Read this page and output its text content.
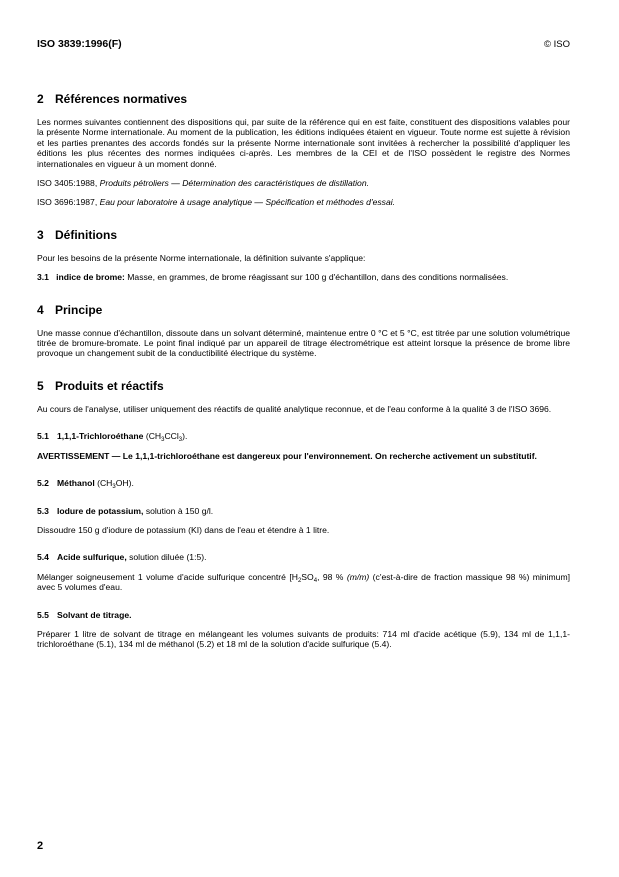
ISO 3839:1996(F)	© ISO
2 Références normatives

Les normes suivantes contiennent des dispositions qui, par suite de la référence qui en est faite, constituent des dispositions valables pour la présente Norme internationale. Au moment de la publication, les éditions indiquées étaient en vigueur. Toute norme est sujette à révision et les parties prenantes des accords fondés sur la présente Norme internationale sont invitées à rechercher la possibilité d'appliquer les éditions les plus récentes des normes indiquées ci-après. Les membres de la CEI et de l'ISO possèdent le registre des Normes internationales en vigueur à un moment donné.

ISO 3405:1988, Produits pétroliers — Détermination des caractéristiques de distillation.

ISO 3696:1987, Eau pour laboratoire à usage analytique — Spécification et méthodes d'essai.

3 Définitions

Pour les besoins de la présente Norme internationale, la définition suivante s'applique:

3.1 indice de brome: Masse, en grammes, de brome réagissant sur 100 g d'échantillon, dans des conditions normalisées.

4 Principe

Une masse connue d'échantillon, dissoute dans un solvant déterminé, maintenue entre 0 °C et 5 °C, est titrée par une solution volumétrique titrée de bromure-bromate. Le point final indiqué par un appareil de titrage électrométrique est atteint lorsque la présence de brome libre provoque un changement subit de la conductibilité électrique du système.

5 Produits et réactifs

Au cours de l'analyse, utiliser uniquement des réactifs de qualité analytique reconnue, et de l'eau conforme à la qualité 3 de l'ISO 3696.

5.1 1,1,1-Trichloroéthane $(CH_3CCl_3)$.
AVERTISSEMENT — Le 1,1,1-trichloroéthane est dangereux pour l'environnement. On recherche activement un substitutif.
5.2 Méthanol $(CH_3OH)$.
5.3 Iodure de potassium, solution à 150 g/l.

Dissoudre 150 g d'iodure de potassium (KI) dans de l'eau et étendre à 1 litre.

5.4 Acide sulfurique, solution diluée (1:5).

Mélanger soigneusement 1 volume d'acide sulfurique concentré [$H_2SO_4$, 98 % (m/m) (c'est-à-dire de fraction massique 98 %) minimum] avec 5 volumes d'eau.

5.5 Solvant de titrage.

Préparer 1 litre de solvant de titrage en mélangeant les volumes suivants de produits: 714 ml d'acide acétique (5.9), 134 ml de 1,1,1-trichloroéthane (5.1), 134 ml de méthanol (5.2) et 18 ml de la solution d'acide sulfurique (5.4).

2
